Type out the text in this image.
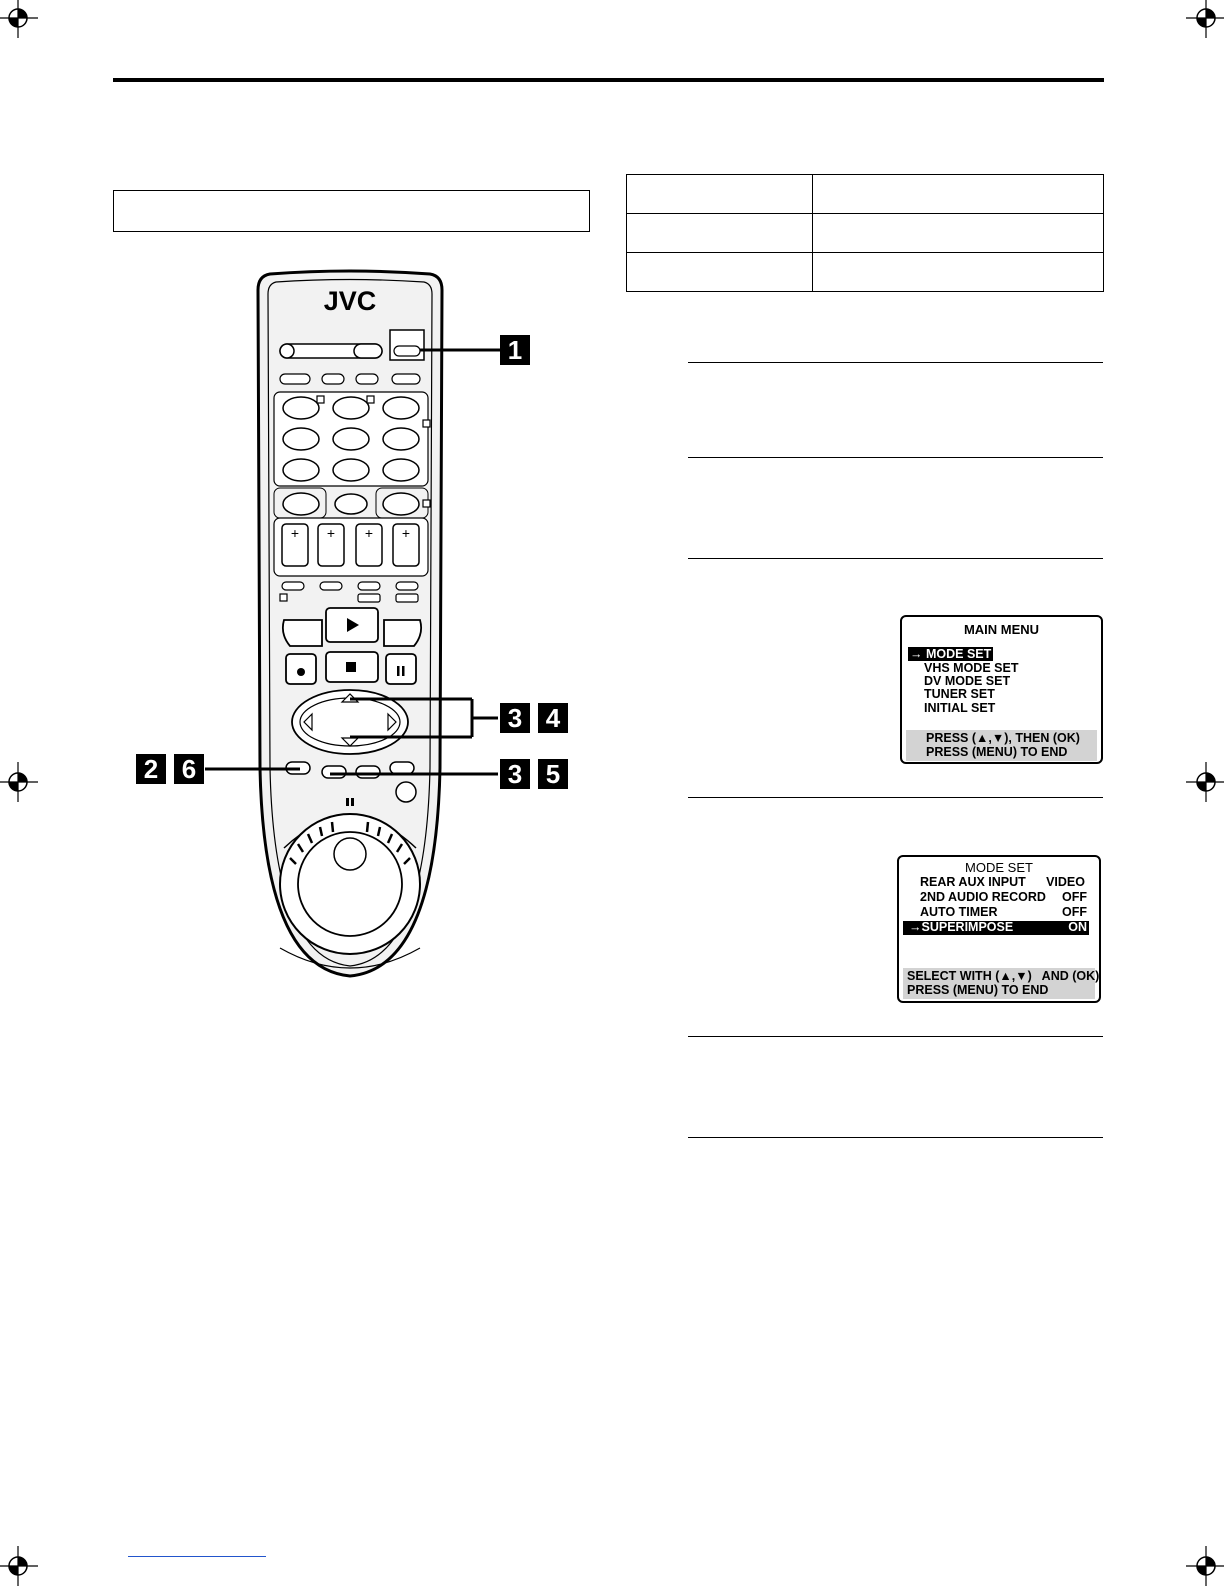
JVC
+ + + +
1
3 4
2 6	3 5
MAIN MENU
→ MODE SET
VHS MODE SET
DV MODE SET
TUNER SET
INITIAL SET
PRESS (▲,▼), THEN (OK)
PRESS (MENU) TO END
MODE SET
REAR AUX INPUT VIDEO
2ND AUDIO RECORD OFF
AUTO TIMER	OFF
→SUPERIMPOSE	ON
SELECT WITH (▲,▼)   AND (OK)
PRESS (MENU) TO END
